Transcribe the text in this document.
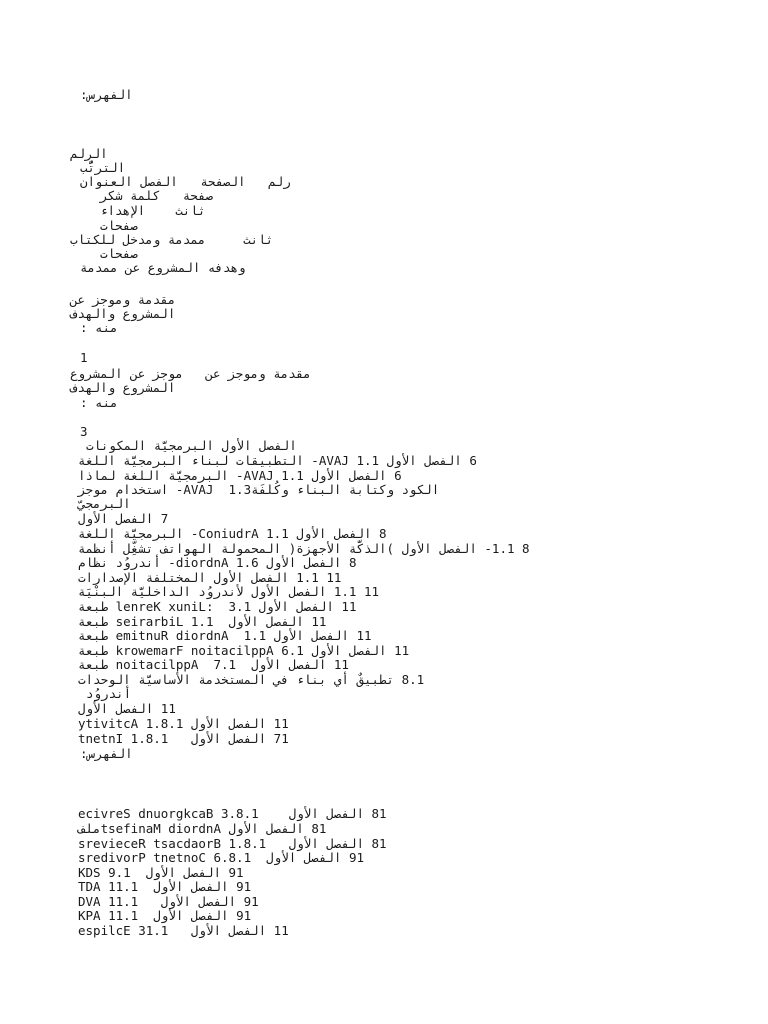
الفهرس:
الرلم
الترتُّب
رلم   الصفحة   الفصل العنوان
صفحة   كلمة شكر
ثانث    الإهداء
صفحات
ثانث     ممدمة ومدخل للكتاب
صفحات
وهدفه المشروع عن ممدمة
مقدمة وموجز عن
المشروع والهدف
منه :
1
مقدمة وموجز عن   موجز عن المشروع
المشروع والهدف
منه :
3
الفصل الأول البرمجيَّة المكونات
6 الفصل الأول AVAJ 1.1- التطبيقات لبناء البرمجيَّة اللغة
6 الفصل الأول AVAJ 1.1- البرمجيَّة اللغة لماذا
الكود وكتابة البناء وكُلفَةAVAJ  1.3- استخدام موجز
البرمجيّ
7 الفصل الأول
8 الفصل الأول ConiudrA 1.1- البرمجيَّة اللغة
8 1.1- الفصل الأول )الذكَّة الأجهزة( المحمولة الهواتف تشغِّل أنظمة
8 الفصل الأول diordnA 1.6- أندروُد نظام
11 1.1 الفصل الأول المختلفة الإصدارات
11 1.1 الفصل الأول لأندروُد الداخليَّة البنْيَة
11 الفصل الأول lenreK xuniL:  3.1 طبعة
11 الفصل الأول  seirarbiL 1.1 طبعة
11 الفصل الأول emitnuR diordnA  1.1 طبعة
11 الفصل الأول krowemarF noitacilppA 6.1 طبعة
11 الفصل الأول  noitacilppA  7.1 طبعة
8.1 تطبيقٌ أي بناء في المستخدمة الأساسيَّة الوحدات
أندروُد
11 الفصل الأول
11 الفصل الأول ytivitcA 1.8.1
71 الفصل الأول   tnetnI 1.8.1
الفهرس:
81 الفصل الأول    ecivreS dnuorgkcaB 3.8.1
81 الفصل الأول tsefinaM diordnAملف
81 الفصل الأول   srevieceR tsacdaorB 1.8.1
91 الفصل الأول  sredivorP tnetnoC 6.8.1
91 الفصل الأول  KDS 9.1
91 الفصل الأول  TDA 11.1
91 الفصل الأول   DVA 11.1
91 الفصل الأول  KPA 11.1
11 الفصل الأول   espilcE 31.1
